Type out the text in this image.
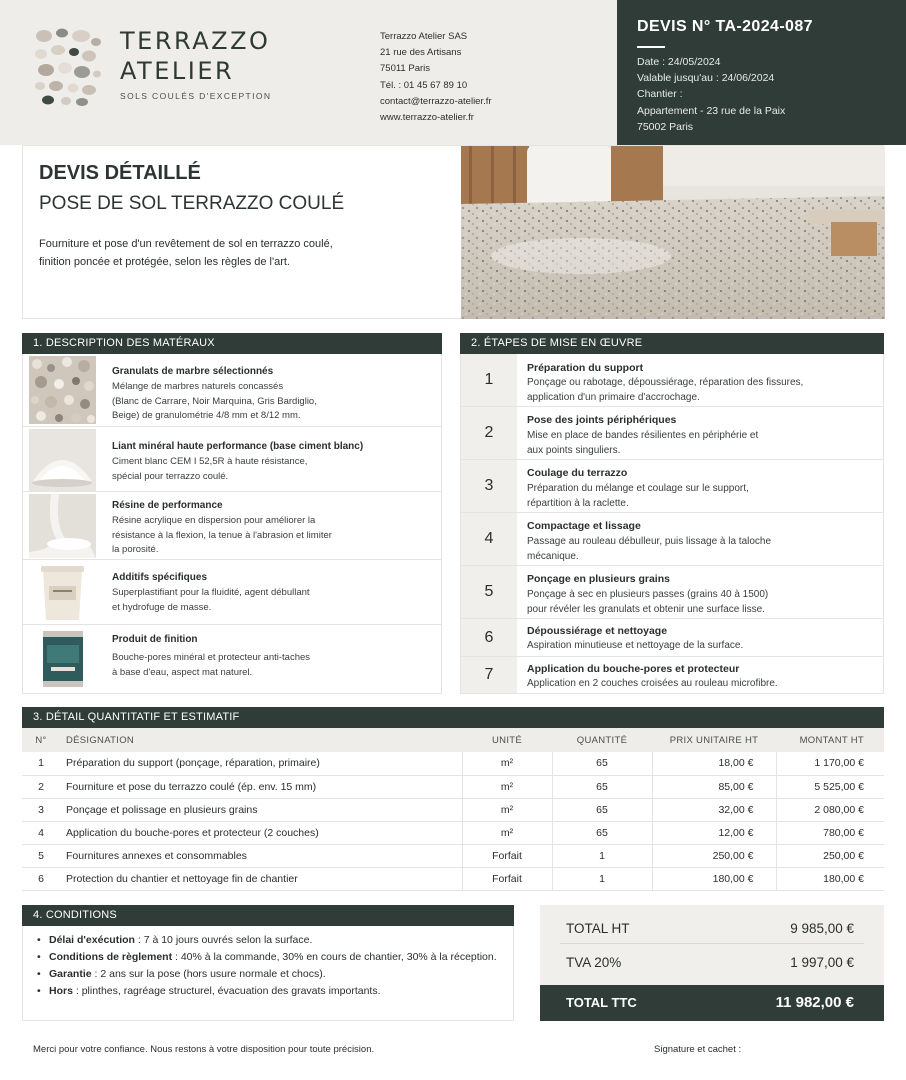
TERRAZZO
ATELIER
SOLS COULÉS D'EXCEPTION
Terrazzo Atelier SAS
21 rue des Artisans
75011 Paris
Tél. : 01 45 67 89 10
contact@terrazzo-atelier.fr
www.terrazzo-atelier.fr
DEVIS N° TA-2024-087
Date : 24/05/2024
Valable jusqu'au : 24/06/2024
Chantier :
Appartement - 23 rue de la Paix
75002 Paris
DEVIS DÉTAILLÉ
POSE DE SOL TERRAZZO COULÉ
Fourniture et pose d'un revêtement de sol en terrazzo coulé,
finition poncée et protégée, selon les règles de l'art.
1. DESCRIPTION DES MATÉRAUX
Granulats de marbre sélectionnés
Mélange de marbres naturels concassés
(Blanc de Carrare, Noir Marquina, Gris Bardiglio,
Beige) de granulométrie 4/8 mm et 8/12 mm.
Liant minéral haute performance (base ciment blanc)
Ciment blanc CEM I 52,5R à haute résistance,
spécial pour terrazzo coulé.
Résine de performance
Résine acrylique en dispersion pour améliorer la
résistance à la flexion, la tenue à l'abrasion et limiter
la porosité.
Additifs spécifiques
Superplastifiant pour la fluidité, agent débullant
et hydrofuge de masse.
Produit de finition
Bouche-pores minéral et protecteur anti-taches
à base d'eau, aspect mat naturel.
2. ÉTAPES DE MISE EN ŒUVRE
1
Préparation du support
Ponçage ou rabotage, dépoussiérage, réparation des fissures,
application d'un primaire d'accrochage.
2
Pose des joints périphériques
Mise en place de bandes résilientes en périphérie et
aux points singuliers.
3
Coulage du terrazzo
Préparation du mélange et coulage sur le support,
répartition à la raclette.
4
Compactage et lissage
Passage au rouleau débulleur, puis lissage à la taloche
mécanique.
5
Ponçage en plusieurs grains
Ponçage à sec en plusieurs passes (grains 40 à 1500)
pour révéler les granulats et obtenir une surface lisse.
6	Dépoussiérage et nettoyage
Aspiration minutieuse et nettoyage de la surface.
7	Application du bouche-pores et protecteur
Application en 2 couches croisées au rouleau microfibre.
3. DÉTAIL QUANTITATIF ET ESTIMATIF
N°	DÉSIGNATION	UNITÉ	QUANTITÉ	PRIX UNITAIRE HT	MONTANT HT
1	Préparation du support (ponçage, réparation, primaire)	m²	65	18,00 €	1 170,00 €
2	Fourniture et pose du terrazzo coulé (ép. env. 15 mm)	m²	65	85,00 €	5 525,00 €
3	Ponçage et polissage en plusieurs grains	m²	65	32,00 €	2 080,00 €
4	Application du bouche-pores et protecteur (2 couches)	m²	65	12,00 €	780,00 €
5	Fournitures annexes et consommables	Forfait	1	250,00 €	250,00 €
6	Protection du chantier et nettoyage fin de chantier	Forfait	1	180,00 €	180,00 €
4. CONDITIONS
• Délai d'exécution : 7 à 10 jours ouvrés selon la surface.
• Conditions de règlement : 40% à la commande, 30% en cours de chantier, 30% à la réception.
• Garantie : 2 ans sur la pose (hors usure normale et chocs).
• Hors : plinthes, ragréage structurel, évacuation des gravats importants.
TOTAL HT	9 985,00 €
TVA 20%	1 997,00 €
TOTAL TTC	11 982,00 €
Merci pour votre confiance. Nous restons à votre disposition pour toute précision.	Signature et cachet :
